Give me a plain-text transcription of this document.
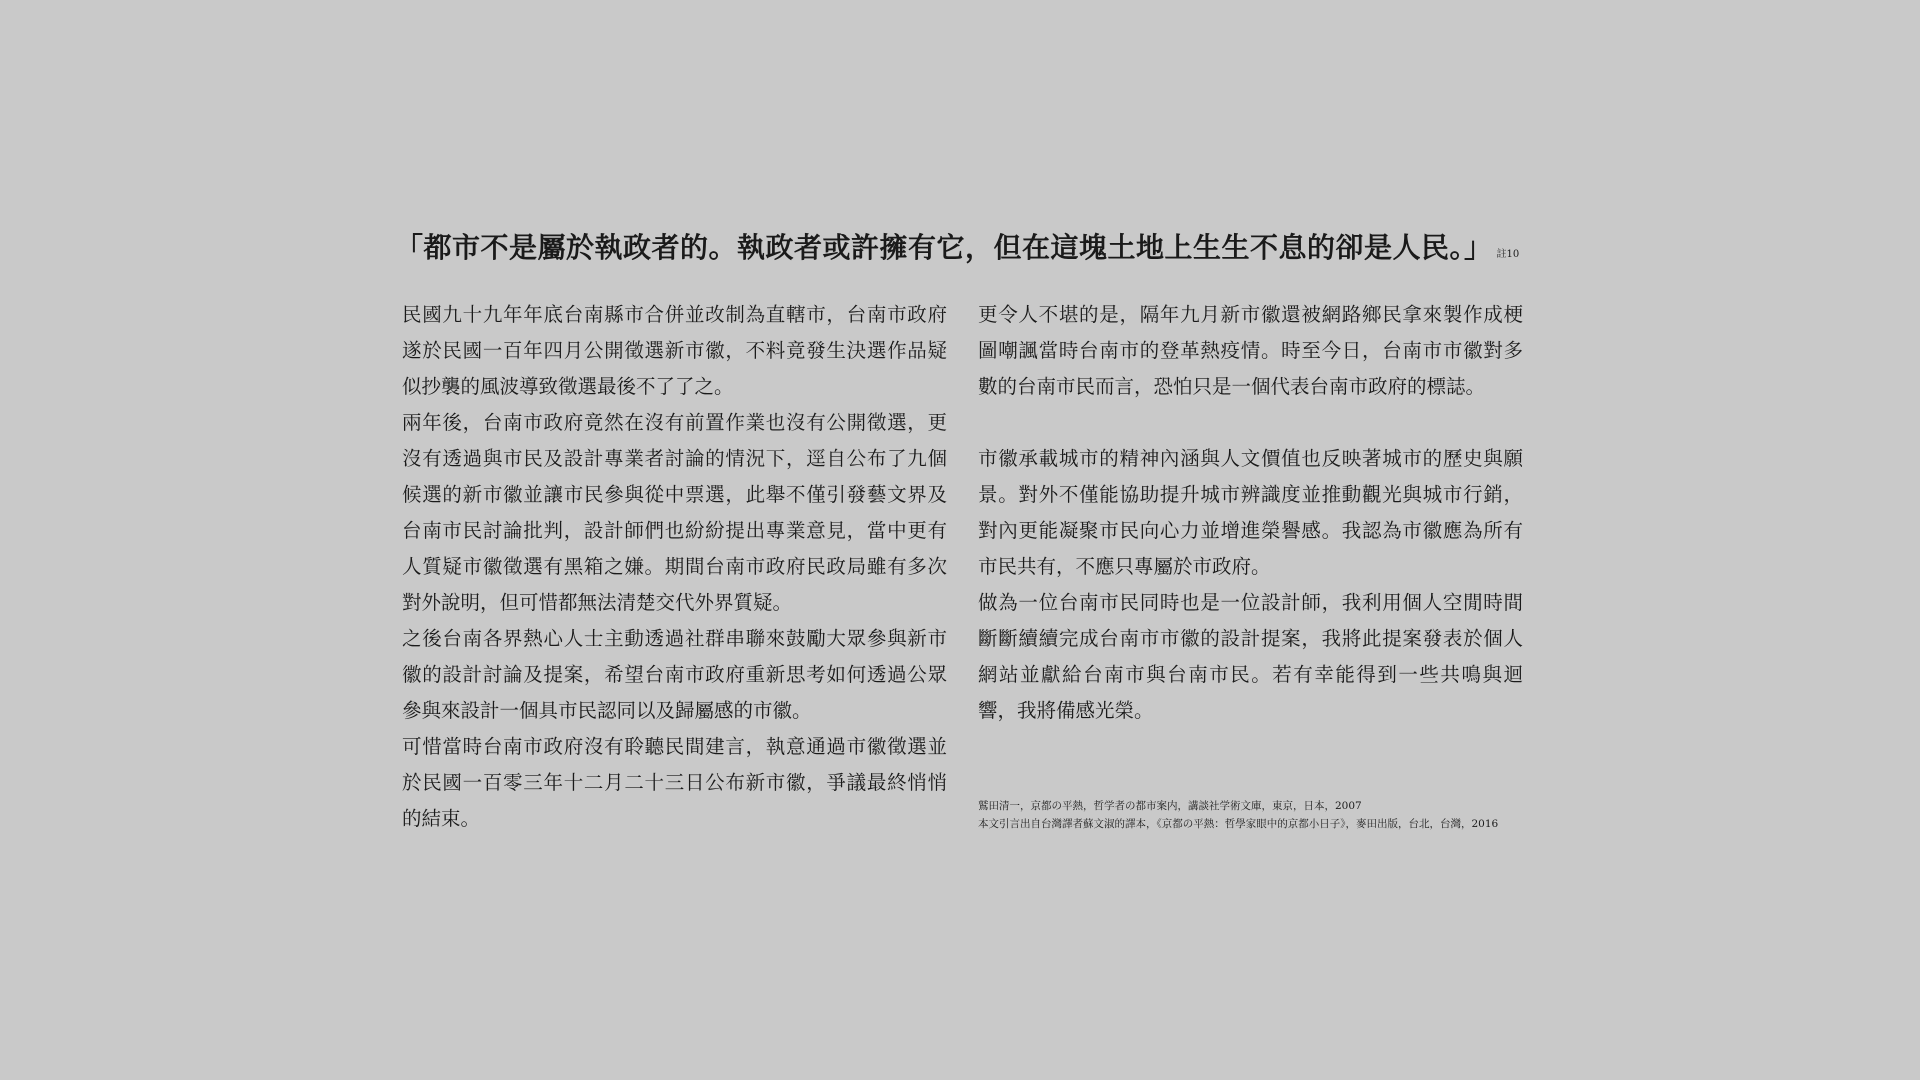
「都市不是屬於執政者的。執政者或許擁有它，但在這塊土地上生生不息的卻是人民。」 註10

民國九十九年年底台南縣市合併並改制為直轄市，台南市政府遂於民國一百年四月公開徵選新市徽，不料竟發生決選作品疑似抄襲的風波導致徵選最後不了了之。

兩年後，台南市政府竟然在沒有前置作業也沒有公開徵選，更沒有透過與市民及設計專業者討論的情況下，逕自公布了九個候選的新市徽並讓市民參與從中票選，此舉不僅引發藝文界及台南市民討論批判，設計師們也紛紛提出專業意見，當中更有人質疑市徽徵選有黑箱之嫌。期間台南市政府民政局雖有多次對外說明，但可惜都無法清楚交代外界質疑。

之後台南各界熱心人士主動透過社群串聯來鼓勵大眾參與新市徽的設計討論及提案，希望台南市政府重新思考如何透過公眾參與來設計一個具市民認同以及歸屬感的市徽。

可惜當時台南市政府沒有聆聽民間建言，執意通過市徽徵選並於民國一百零三年十二月二十三日公布新市徽，爭議最終悄悄的結束。

更令人不堪的是，隔年九月新市徽還被網路鄉民拿來製作成梗圖嘲諷當時台南市的登革熱疫情。時至今日，台南市市徽對多數的台南市民而言，恐怕只是一個代表台南市政府的標誌。

市徽承載城市的精神內涵與人文價值也反映著城市的歷史與願景。對外不僅能協助提升城市辨識度並推動觀光與城市行銷，對內更能凝聚市民向心力並增進榮譽感。我認為市徽應為所有市民共有，不應只專屬於市政府。

做為一位台南市民同時也是一位設計師，我利用個人空閒時間斷斷續續完成台南市市徽的設計提案，我將此提案發表於個人網站並獻給台南市與台南市民。若有幸能得到一些共鳴與迴響，我將備感光榮。

鷲田清一，京都の平熱，哲学者の都市案内，講談社学術文庫，東京，日本，2007
本文引言出自台灣譯者蘇文淑的譯本，《京都の平熱：哲學家眼中的京都小日子》，麥田出版，台北，台灣，2016
